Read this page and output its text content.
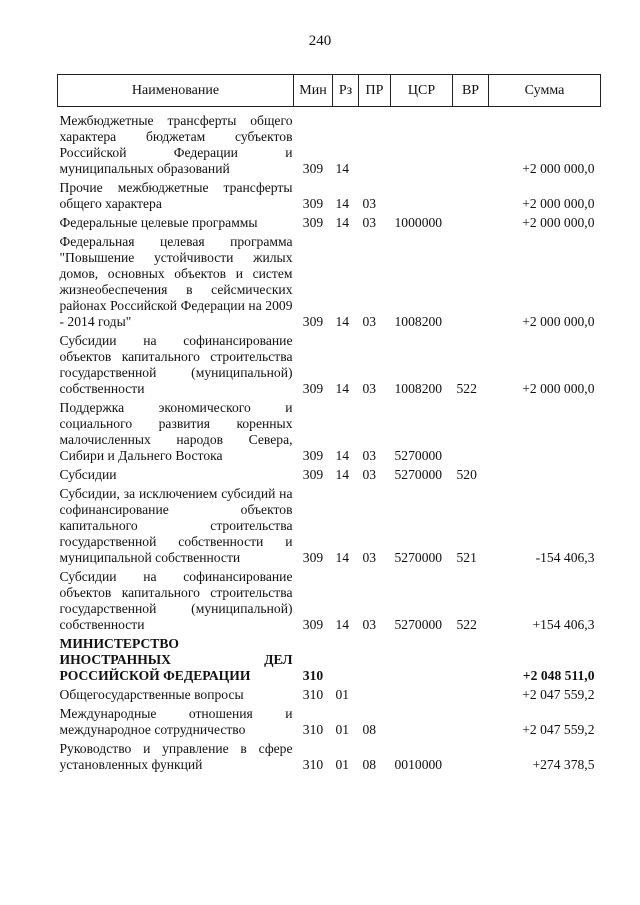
240
Наименование	Мин	Рз	ПР	ЦСР	ВР	Сумма
Межбюджетные трансферты общего характера бюджетам субъектов Российской Федерации и муниципальных образований	309	14				+2 000 000,0
Прочие межбюджетные трансферты общего характера	309	14	03			+2 000 000,0
Федеральные целевые программы	309	14	03	1000000		+2 000 000,0
Федеральная целевая программа "Повышение устойчивости жилых домов, основных объектов и систем жизнеобеспечения в сейсмических районах Российской Федерации на 2009 - 2014 годы"	309	14	03	1008200		+2 000 000,0
Субсидии на софинансирование объектов капитального строительства государственной (муниципальной) собственности	309	14	03	1008200	522	+2 000 000,0
Поддержка экономического и социального развития коренных малочисленных народов Севера, Сибири и Дальнего Востока	309	14	03	5270000		
Субсидии	309	14	03	5270000	520	
Субсидии, за исключением субсидий на софинансирование объектов капитального строительства государственной собственности и муниципальной собственности	309	14	03	5270000	521	-154 406,3
Субсидии на софинансирование объектов капитального строительства государственной (муниципальной) собственности	309	14	03	5270000	522	+154 406,3
МИНИСТЕРСТВО ИНОСТРАННЫХ ДЕЛ РОССИЙСКОЙ ФЕДЕРАЦИИ	310					+2 048 511,0
Общегосударственные вопросы	310	01				+2 047 559,2
Международные отношения и международное сотрудничество	310	01	08			+2 047 559,2
Руководство и управление в сфере установленных функций	310	01	08	0010000		+274 378,5
